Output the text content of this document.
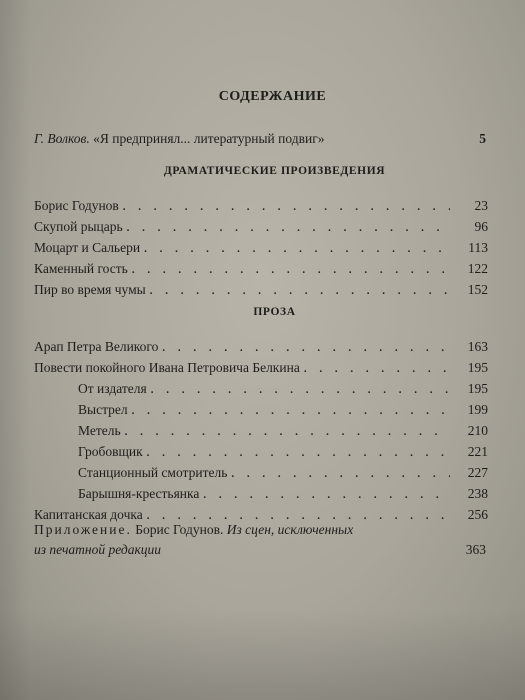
СОДЕРЖАНИЕ
Г. Волков. «Я предпринял... литературный подвиг»	5
ДРАМАТИЧЕСКИЕ ПРОИЗВЕДЕНИЯ
Борис Годунов . . .	23
Скупой рыцарь . . .	96
Моцарт и Сальери . . .	113
Каменный гость . . .	122
Пир во время чумы . . .	152
ПРОЗА
Арап Петра Великого . . .	163
Повести покойного Ивана Петровича Белкина . . .	195
От издателя . . .	195
Выстрел . . .	199
Метель . . .	210
Гробовщик . . .	221
Станционный смотритель . . .	227
Барышня-крестьянка . . .	238
Капитанская дочка . . .	256
Приложение. Борис Годунов. Из сцен, исключенных
из печатной редакции	363
